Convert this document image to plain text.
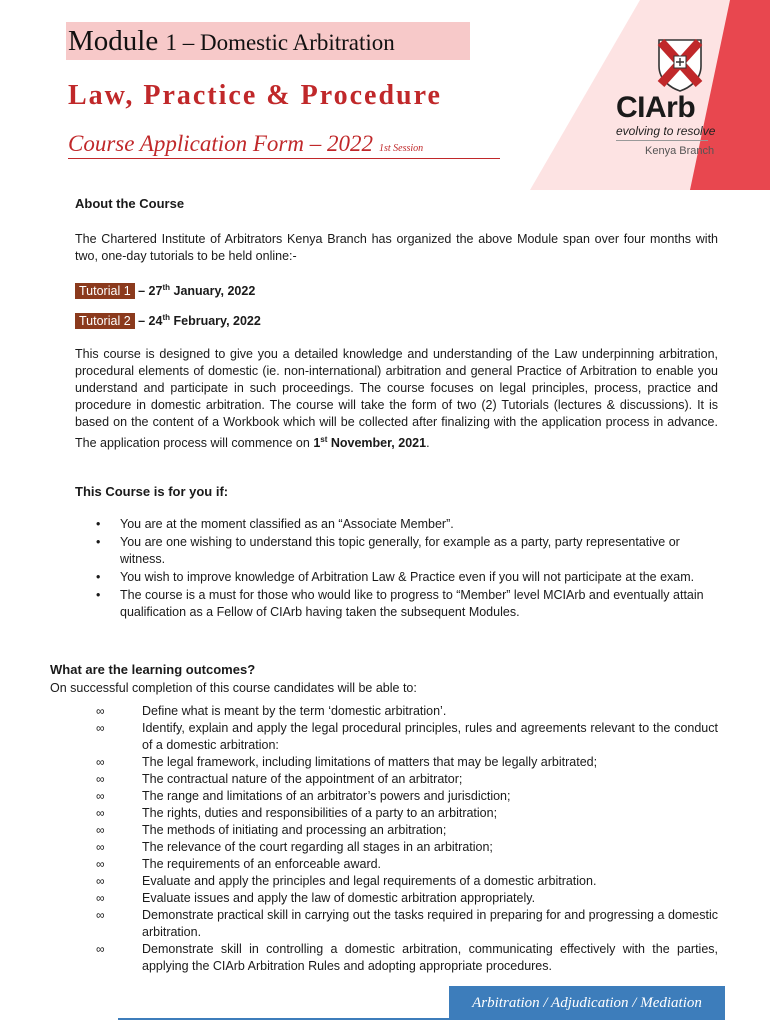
Module 1 – Domestic Arbitration
Law, Practice & Procedure
Course Application Form – 2022 1st Session
CIArb
evolving to resolve
Kenya Branch
About the Course

The Chartered Institute of Arbitrators Kenya Branch has organized the above Module span over four months with two, one-day tutorials to be held online:-

Tutorial 1 – 27th January, 2022
Tutorial 2 – 24th February, 2022

This course is designed to give you a detailed knowledge and understanding of the Law underpinning arbitration, procedural elements of domestic (ie. non-international) arbitration and general Practice of Arbitration to enable you understand and participate in such proceedings. The course focuses on legal principles, process, practice and procedure in domestic arbitration. The course will take the form of two (2) Tutorials (lectures & discussions). It is based on the content of a Workbook which will be collected after finalizing with the application process in advance. The application process will commence on 1st November, 2021.

This Course is for you if:
• You are at the moment classified as an “Associate Member”.
• You are one wishing to understand this topic generally, for example as a party, party representative or witness.
• You wish to improve knowledge of Arbitration Law & Practice even if you will not participate at the exam.
• The course is a must for those who would like to progress to “Member” level MCIArb and eventually attain qualification as a Fellow of CIArb having taken the subsequent Modules.
What are the learning outcomes?
On successful completion of this course candidates will be able to:
∞	Define what is meant by the term ‘domestic arbitration’.
∞	Identify, explain and apply the legal procedural principles, rules and agreements relevant to the conduct of a domestic arbitration:
∞	The legal framework, including limitations of matters that may be legally arbitrated;
∞	The contractual nature of the appointment of an arbitrator;
∞	The range and limitations of an arbitrator’s powers and jurisdiction;
∞	The rights, duties and responsibilities of a party to an arbitration;
∞	The methods of initiating and processing an arbitration;
∞	The relevance of the court regarding all stages in an arbitration;
∞	The requirements of an enforceable award.
∞	Evaluate and apply the principles and legal requirements of a domestic arbitration.
∞	Evaluate issues and apply the law of domestic arbitration appropriately.
∞	Demonstrate practical skill in carrying out the tasks required in preparing for and progressing a domestic arbitration.
∞	Demonstrate skill in controlling a domestic arbitration, communicating effectively with the parties, applying the CIArb Arbitration Rules and adopting appropriate procedures.
Arbitration / Adjudication / Mediation
